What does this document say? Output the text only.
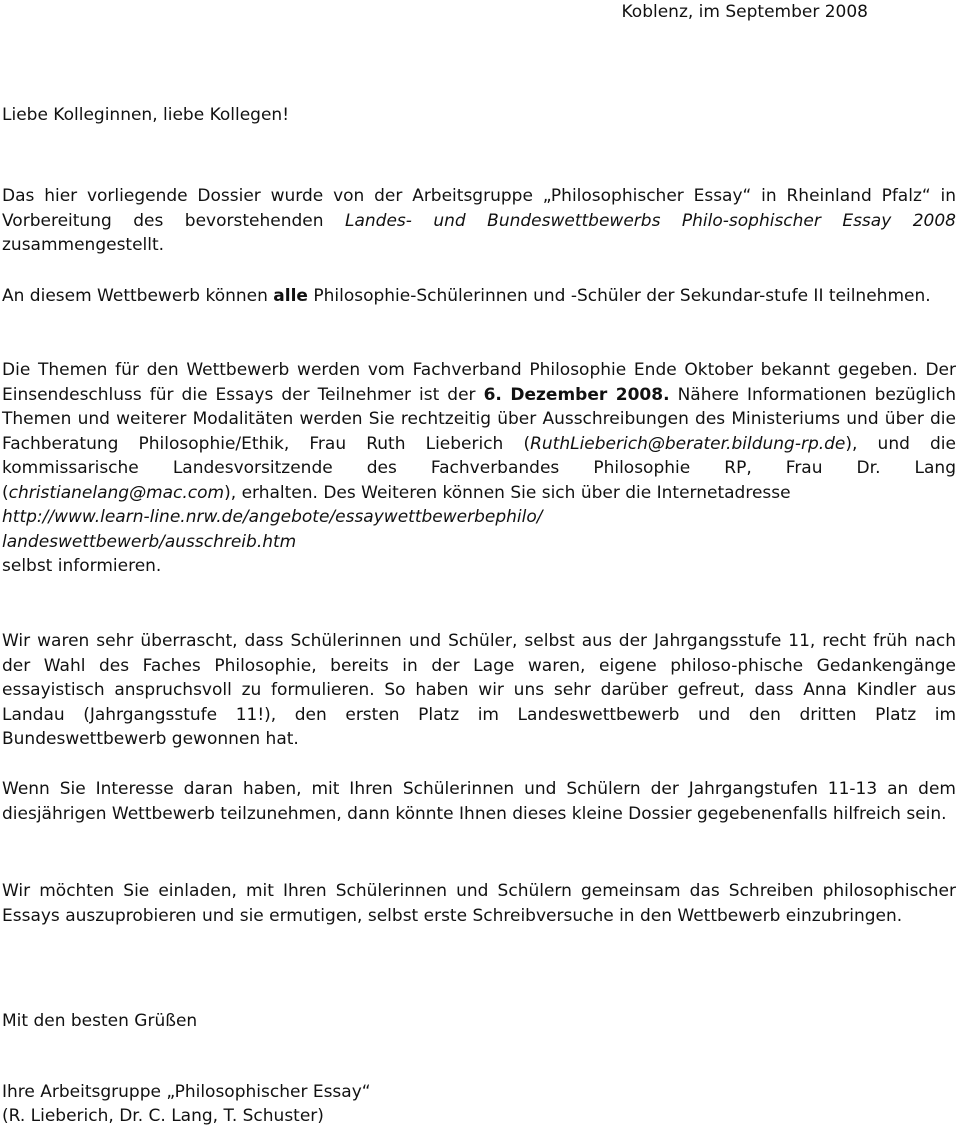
Koblenz, im September 2008
Liebe Kolleginnen, liebe Kollegen!
Das hier vorliegende Dossier wurde von der Arbeitsgruppe „Philosophischer Essay“ in Rheinland Pfalz“ in Vorbereitung des bevorstehenden Landes- und Bundeswettbewerbs Philo-sophischer Essay 2008 zusammengestellt.
An diesem Wettbewerb können alle Philosophie-Schülerinnen und -Schüler der Sekundar-stufe II teilnehmen.
Die Themen für den Wettbewerb werden vom Fachverband Philosophie Ende Oktober bekannt gegeben. Der Einsendeschluss für die Essays der Teilnehmer ist der 6. Dezember 2008. Nähere Informationen bezüglich Themen und weiterer Modalitäten werden Sie rechtzeitig über Ausschreibungen des Ministeriums und über die Fachberatung Philosophie/Ethik, Frau Ruth Lieberich (RuthLieberich@berater.bildung-rp.de), und die kommissarische Landesvorsitzende des Fachverbandes Philosophie RP, Frau Dr. Lang (christianelang@mac.com), erhalten. Des Weiteren können Sie sich über die Internetadresse
http://www.learn-line.nrw.de/angebote/essaywettbewerbephilo/
landeswettbewerb/ausschreib.htm
selbst informieren.
Wir waren sehr überrascht, dass Schülerinnen und Schüler, selbst aus der Jahrgangsstufe 11, recht früh nach der Wahl des Faches Philosophie, bereits in der Lage waren, eigene philoso-phische Gedankengänge essayistisch anspruchsvoll zu formulieren. So haben wir uns sehr darüber gefreut, dass Anna Kindler aus Landau (Jahrgangsstufe 11!), den ersten Platz im Landeswettbewerb und den dritten Platz im Bundeswettbewerb gewonnen hat.
Wenn Sie Interesse daran haben, mit Ihren Schülerinnen und Schülern der Jahrgangstufen 11-13 an dem diesjährigen Wettbewerb teilzunehmen, dann könnte Ihnen dieses kleine Dossier gegebenenfalls hilfreich sein.
Wir möchten Sie einladen, mit Ihren Schülerinnen und Schülern gemeinsam das Schreiben philosophischer Essays auszuprobieren und sie ermutigen, selbst erste Schreibversuche in den Wettbewerb einzubringen.
Mit den besten Grüßen
Ihre Arbeitsgruppe „Philosophischer Essay“
(R. Lieberich, Dr. C. Lang, T. Schuster)
